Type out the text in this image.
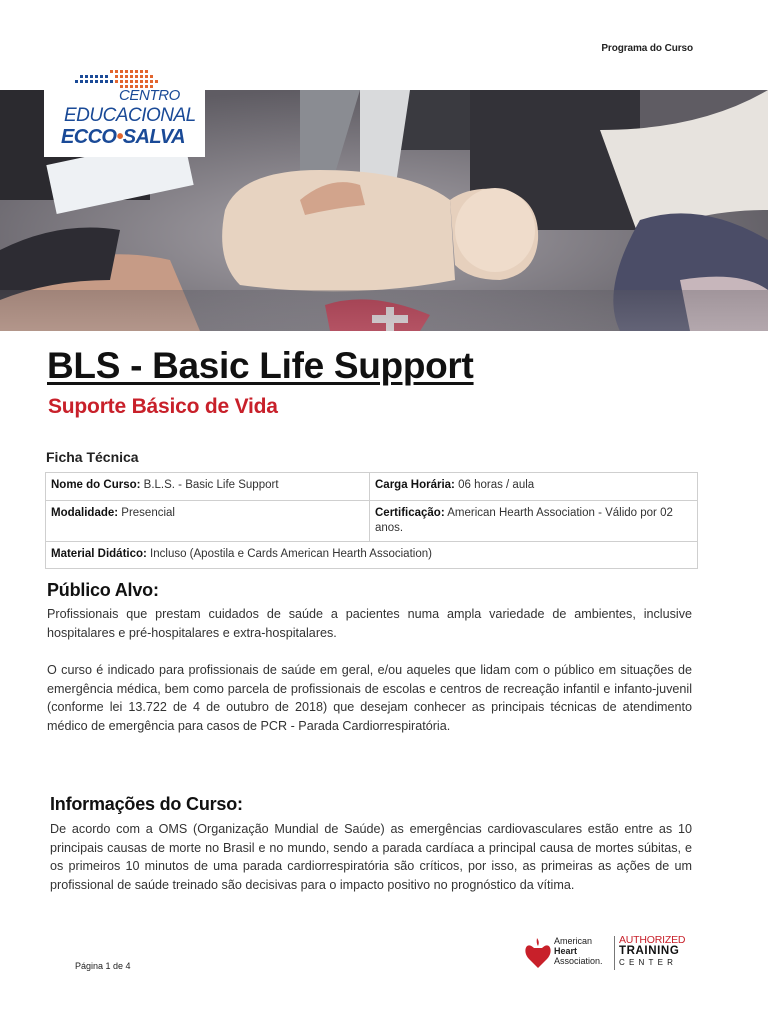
Programa do Curso
CENTRO
EDUCACIONAL
ECCO•SALVA
BLS - Basic Life Support
Suporte Básico de Vida
Ficha Técnica
Nome do Curso: B.L.S. - Basic Life Support	Carga Horária: 06 horas / aula
Modalidade: Presencial	Certificação: American Hearth Association - Válido por 02 anos.
Material Didático: Incluso (Apostila e Cards American Hearth Association)	
Público Alvo:

Profissionais que prestam cuidados de saúde a pacientes numa ampla variedade de ambientes, inclusive hospitalares e pré-hospitalares e extra-hospitalares.

O curso é indicado para profissionais de saúde em geral, e/ou aqueles que lidam com o público em situações de emergência médica, bem como parcela de profissionais de escolas e centros de recreação infantil e infanto-juvenil (conforme lei 13.722 de 4 de outubro de 2018) que desejam conhecer as principais técnicas de atendimento médico de emergência para casos de PCR - Parada Cardiorrespiratória.

Informações do Curso:

De acordo com a OMS (Organização Mundial de Saúde) as emergências cardiovasculares estão entre as 10 principais causas de morte no Brasil e no mundo, sendo a parada cardíaca a principal causa de mortes súbitas, e os primeiros 10 minutos de uma parada cardiorrespiratória são críticos, por isso, as primeiras as ações de um profissional de saúde treinado são decisivas para o impacto positivo no prognóstico da vítima.

Página 1 de 4
American
Heart
Association.
AUTHORIZED
TRAINING
CENTER
